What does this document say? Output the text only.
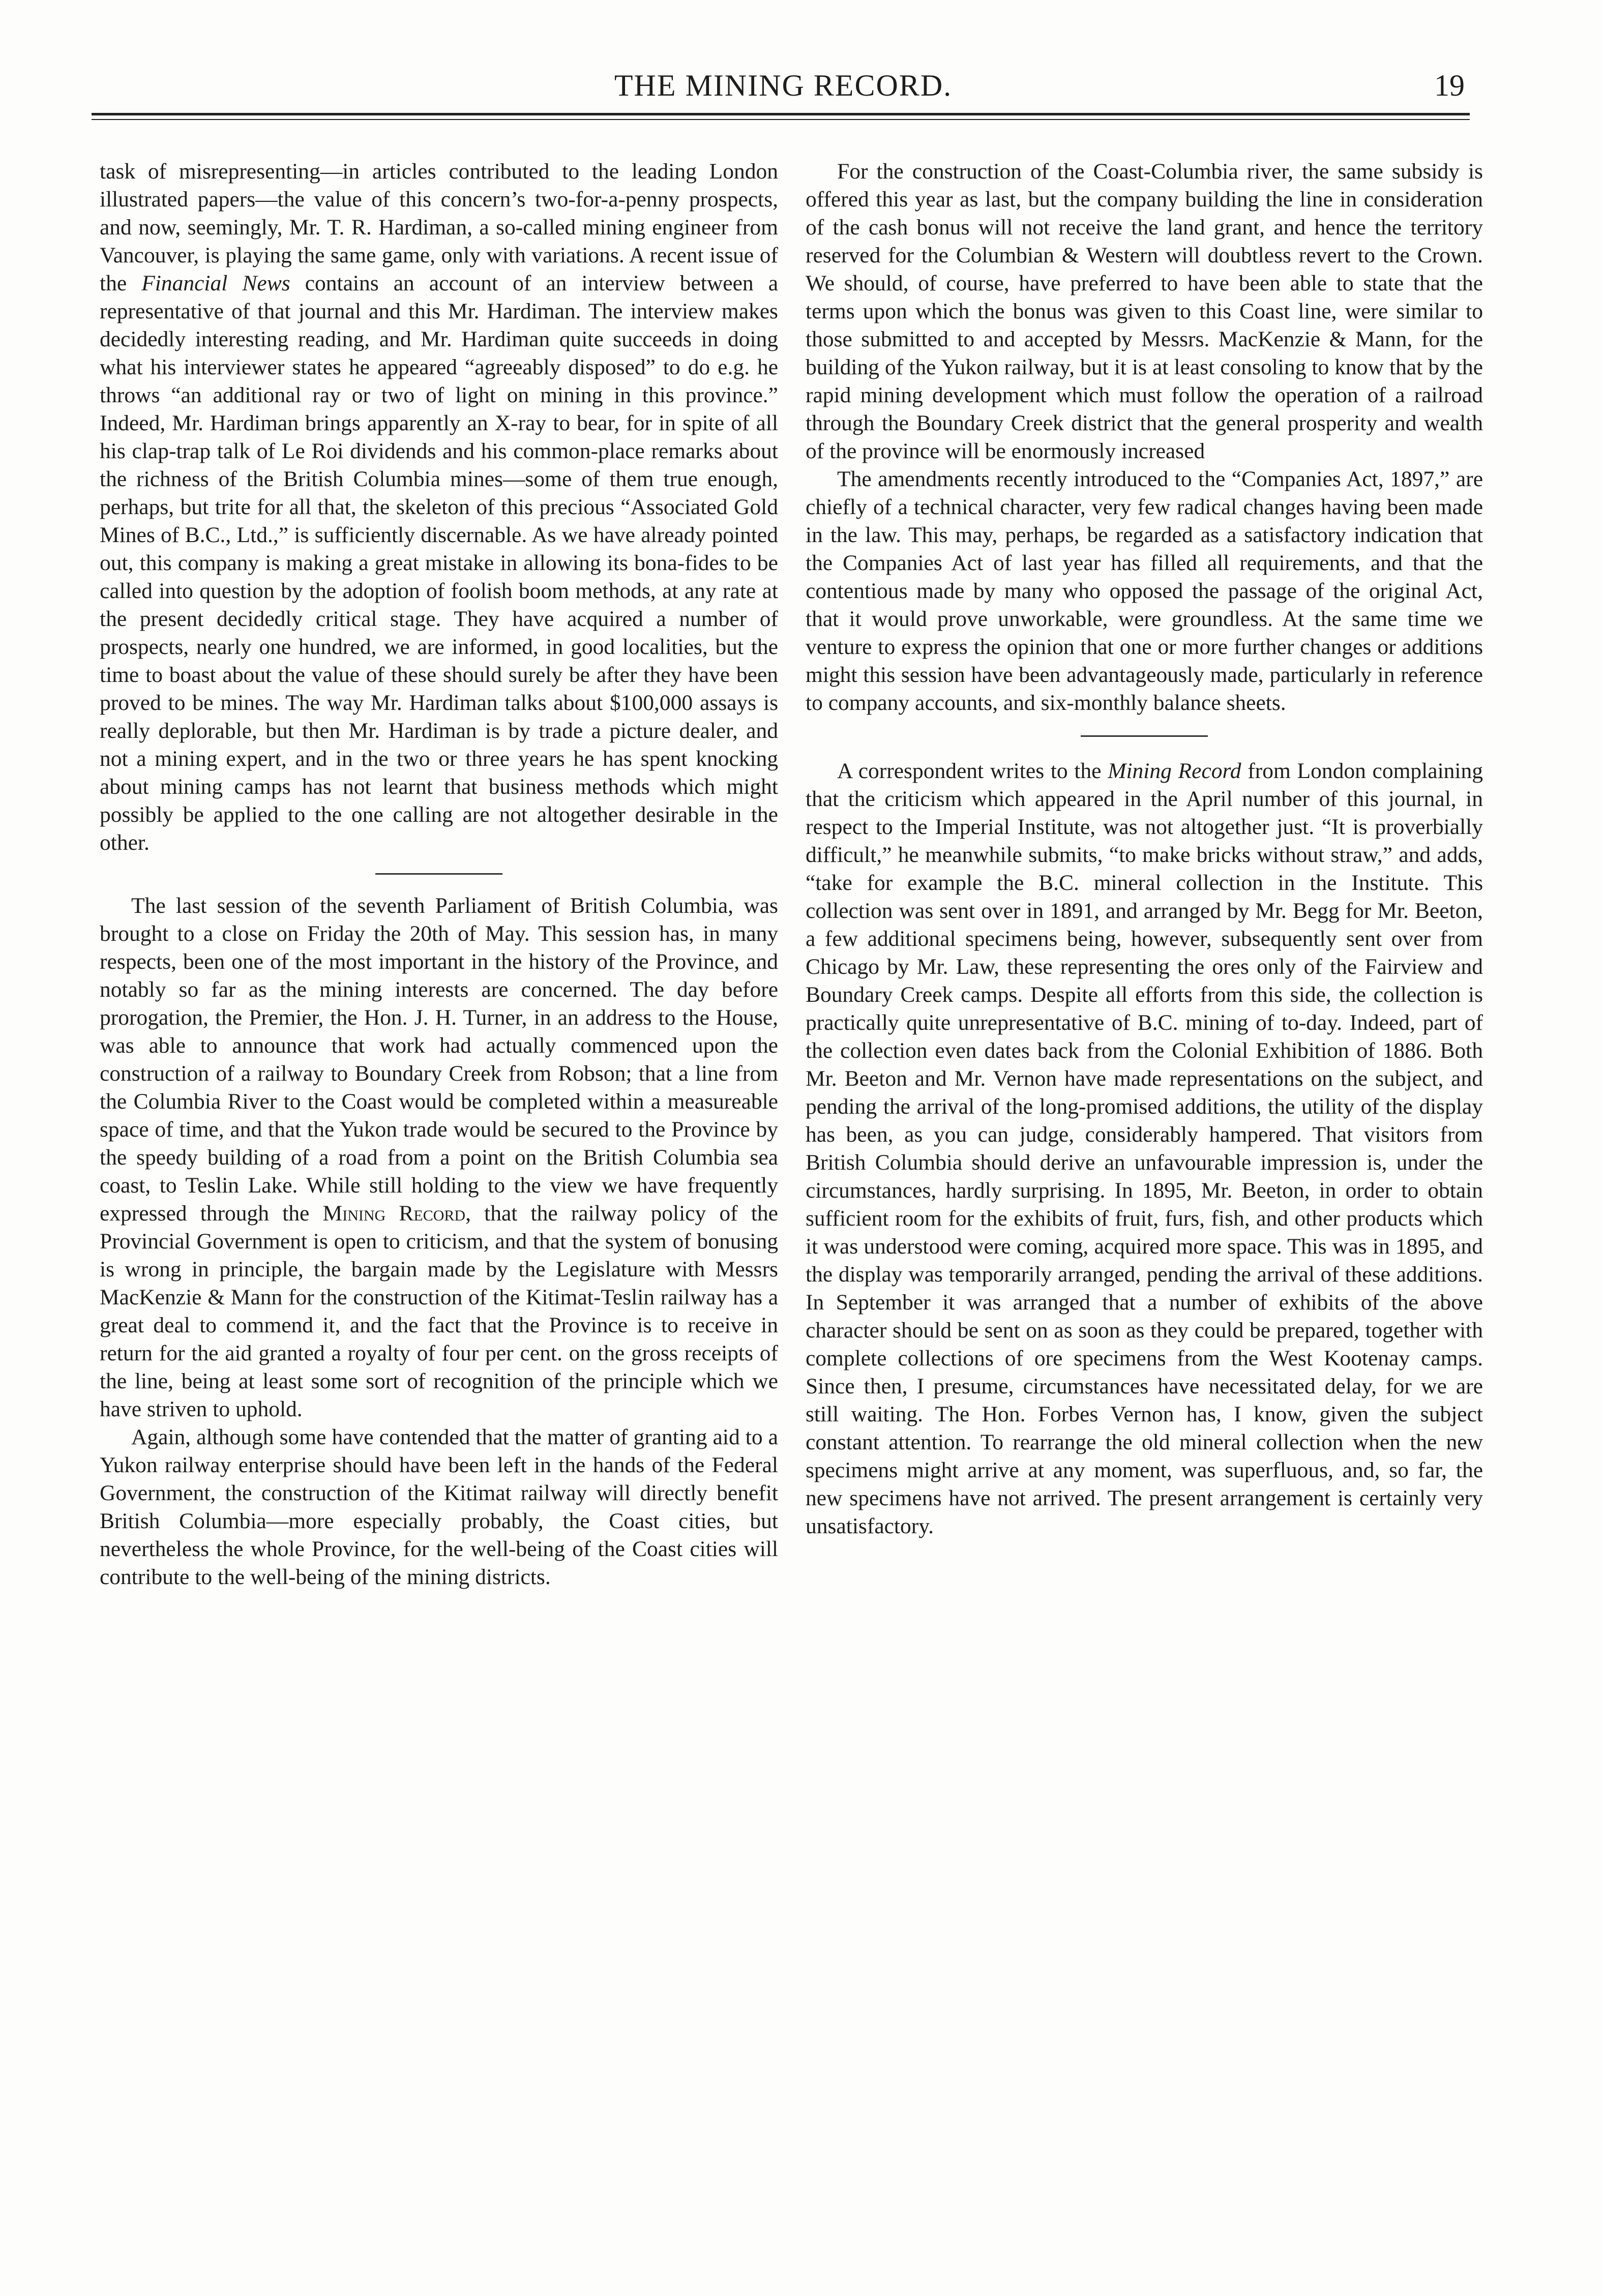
THE MINING RECORD.	19

task of misrepresenting—in articles contributed to the leading London illustrated papers—the value of this concern’s two-for-a-penny prospects, and now, seemingly, Mr. T. R. Hardiman, a so-called mining engineer from Vancouver, is playing the same game, only with variations. A recent issue of the Financial News contains an account of an interview between a representative of that journal and this Mr. Hardiman. The interview makes decidedly interesting reading, and Mr. Hardiman quite succeeds in doing what his interviewer states he appeared “agreeably disposed” to do e.g. he throws “an additional ray or two of light on mining in this province.” Indeed, Mr. Hardiman brings apparently an X-ray to bear, for in spite of all his clap-trap talk of Le Roi dividends and his common-place remarks about the richness of the British Columbia mines—some of them true enough, perhaps, but trite for all that, the skeleton of this precious “Associated Gold Mines of B.C., Ltd.,” is sufficiently discernable. As we have already pointed out, this company is making a great mistake in allowing its bona-fides to be called into question by the adoption of foolish boom methods, at any rate at the present decidedly critical stage. They have acquired a number of prospects, nearly one hundred, we are informed, in good localities, but the time to boast about the value of these should surely be after they have been proved to be mines. The way Mr. Hardiman talks about $100,000 assays is really deplorable, but then Mr. Hardiman is by trade a picture dealer, and not a mining expert, and in the two or three years he has spent knocking about mining camps has not learnt that business methods which might possibly be applied to the one calling are not altogether desirable in the other.

The last session of the seventh Parliament of British Columbia, was brought to a close on Friday the 20th of May. This session has, in many respects, been one of the most important in the history of the Province, and notably so far as the mining interests are concerned. The day before prorogation, the Premier, the Hon. J. H. Turner, in an address to the House, was able to announce that work had actually commenced upon the construction of a railway to Boundary Creek from Robson; that a line from the Columbia River to the Coast would be completed within a measureable space of time, and that the Yukon trade would be secured to the Province by the speedy building of a road from a point on the British Columbia sea coast, to Teslin Lake. While still holding to the view we have frequently expressed through the Mining Record, that the railway policy of the Provincial Government is open to criticism, and that the system of bonusing is wrong in principle, the bargain made by the Legislature with Messrs MacKenzie & Mann for the construction of the Kitimat-Teslin railway has a great deal to commend it, and the fact that the Province is to receive in return for the aid granted a royalty of four per cent. on the gross receipts of the line, being at least some sort of recognition of the principle which we have striven to uphold.

Again, although some have contended that the matter of granting aid to a Yukon railway enterprise should have been left in the hands of the Federal Government, the construction of the Kitimat railway will directly benefit British Columbia—more especially probably, the Coast cities, but nevertheless the whole Province, for the well-being of the Coast cities will contribute to the well-being of the mining districts.

For the construction of the Coast-Columbia river, the same subsidy is offered this year as last, but the company building the line in consideration of the cash bonus will not receive the land grant, and hence the territory reserved for the Columbian & Western will doubtless revert to the Crown. We should, of course, have preferred to have been able to state that the terms upon which the bonus was given to this Coast line, were similar to those submitted to and accepted by Messrs. MacKenzie & Mann, for the building of the Yukon railway, but it is at least consoling to know that by the rapid mining development which must follow the operation of a railroad through the Boundary Creek district that the general prosperity and wealth of the province will be enormously increased

The amendments recently introduced to the “Companies Act, 1897,” are chiefly of a technical character, very few radical changes having been made in the law. This may, perhaps, be regarded as a satisfactory indication that the Companies Act of last year has filled all requirements, and that the contentious made by many who opposed the passage of the original Act, that it would prove unworkable, were groundless. At the same time we venture to express the opinion that one or more further changes or additions might this session have been advantageously made, particularly in reference to company accounts, and six-monthly balance sheets.

A correspondent writes to the Mining Record from London complaining that the criticism which appeared in the April number of this journal, in respect to the Imperial Institute, was not altogether just. “It is proverbially difficult,” he meanwhile submits, “to make bricks without straw,” and adds, “take for example the B.C. mineral collection in the Institute. This collection was sent over in 1891, and arranged by Mr. Begg for Mr. Beeton, a few additional specimens being, however, subsequently sent over from Chicago by Mr. Law, these representing the ores only of the Fairview and Boundary Creek camps. Despite all efforts from this side, the collection is practically quite unrepresentative of B.C. mining of to-day. Indeed, part of the collection even dates back from the Colonial Exhibition of 1886. Both Mr. Beeton and Mr. Vernon have made representations on the subject, and pending the arrival of the long-promised additions, the utility of the display has been, as you can judge, considerably hampered. That visitors from British Columbia should derive an unfavourable impression is, under the circumstances, hardly surprising. In 1895, Mr. Beeton, in order to obtain sufficient room for the exhibits of fruit, furs, fish, and other products which it was understood were coming, acquired more space. This was in 1895, and the display was temporarily arranged, pending the arrival of these additions. In September it was arranged that a number of exhibits of the above character should be sent on as soon as they could be prepared, together with complete collections of ore specimens from the West Kootenay camps. Since then, I presume, circumstances have necessitated delay, for we are still waiting. The Hon. Forbes Vernon has, I know, given the subject constant attention. To rearrange the old mineral collection when the new specimens might arrive at any moment, was superfluous, and, so far, the new specimens have not arrived. The present arrangement is certainly very unsatisfactory.
